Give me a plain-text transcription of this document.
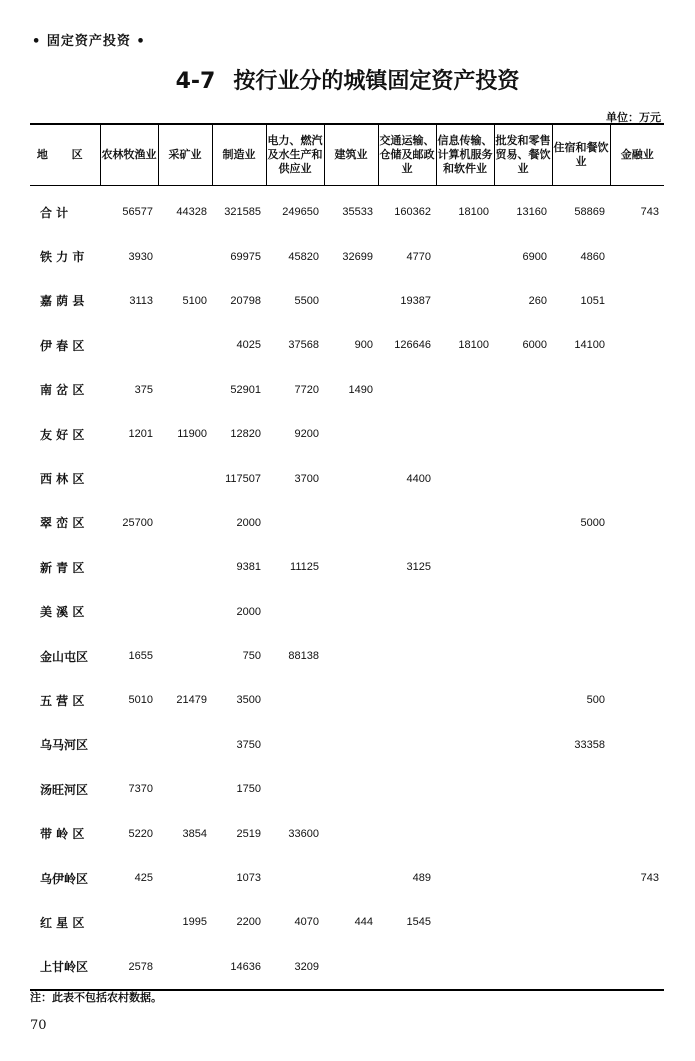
• 固定资产投资 •
4-7 按行业分的城镇固定资产投资
单位：万元
地 区	农林牧渔业	采矿业	制造业	电力、燃汽及水生产和供应业	建筑业	交通运输、仓储及邮政业	信息传输、计算机服务和软件业	批发和零售贸易、餐饮业	住宿和餐饮业	金融业
合 计	56577	44328	321585	249650	35533	160362	18100	13160	58869	743
铁 力 市	3930		69975	45820	32699	4770		6900	4860	
嘉 荫 县	3113	5100	20798	5500		19387		260	1051	
伊 春 区			4025	37568	900	126646	18100	6000	14100	
南 岔 区	375		52901	7720	1490					
友 好 区	1201	11900	12820	9200						
西 林 区			117507	3700		4400				
翠 峦 区	25700		2000						5000	
新 青 区			9381	11125		3125				
美 溪 区			2000							
金山屯区	1655		750	88138						
五 营 区	5010	21479	3500						500	
乌马河区			3750						33358	
汤旺河区	7370		1750							
带 岭 区	5220	3854	2519	33600						
乌伊岭区	425		1073			489				743
红 星 区		1995	2200	4070	444	1545				
上甘岭区	2578		14636	3209						
注：此表不包括农村数据。
70
